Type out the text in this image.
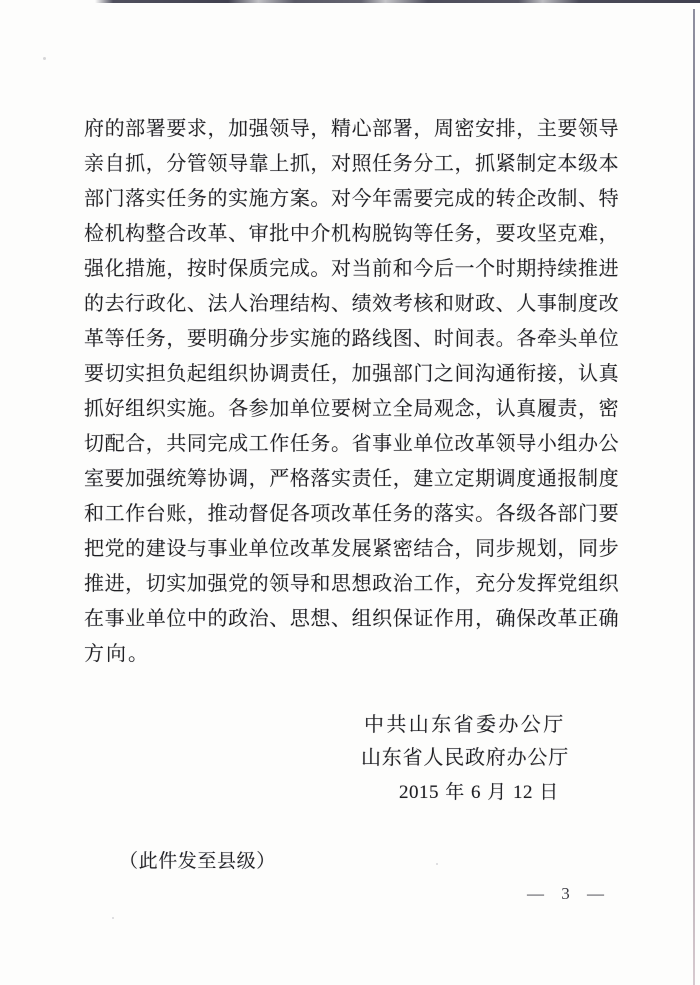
府的部署要求，加强领导，精心部署，周密安排，主要领导

亲自抓，分管领导靠上抓，对照任务分工，抓紧制定本级本

部门落实任务的实施方案。对今年需要完成的转企改制、特

检机构整合改革、审批中介机构脱钩等任务，要攻坚克难，

强化措施，按时保质完成。对当前和今后一个时期持续推进

的去行政化、法人治理结构、绩效考核和财政、人事制度改

革等任务，要明确分步实施的路线图、时间表。各牵头单位

要切实担负起组织协调责任，加强部门之间沟通衔接，认真

抓好组织实施。各参加单位要树立全局观念，认真履责，密

切配合，共同完成工作任务。省事业单位改革领导小组办公

室要加强统筹协调，严格落实责任，建立定期调度通报制度

和工作台账，推动督促各项改革任务的落实。各级各部门要

把党的建设与事业单位改革发展紧密结合，同步规划，同步

推进，切实加强党的领导和思想政治工作，充分发挥党组织

在事业单位中的政治、思想、组织保证作用，确保改革正确

方向。

中共山东省委办公厅
山东省人民政府办公厅
2015 年 6 月 12 日
（此件发至县级）
— 3 —
